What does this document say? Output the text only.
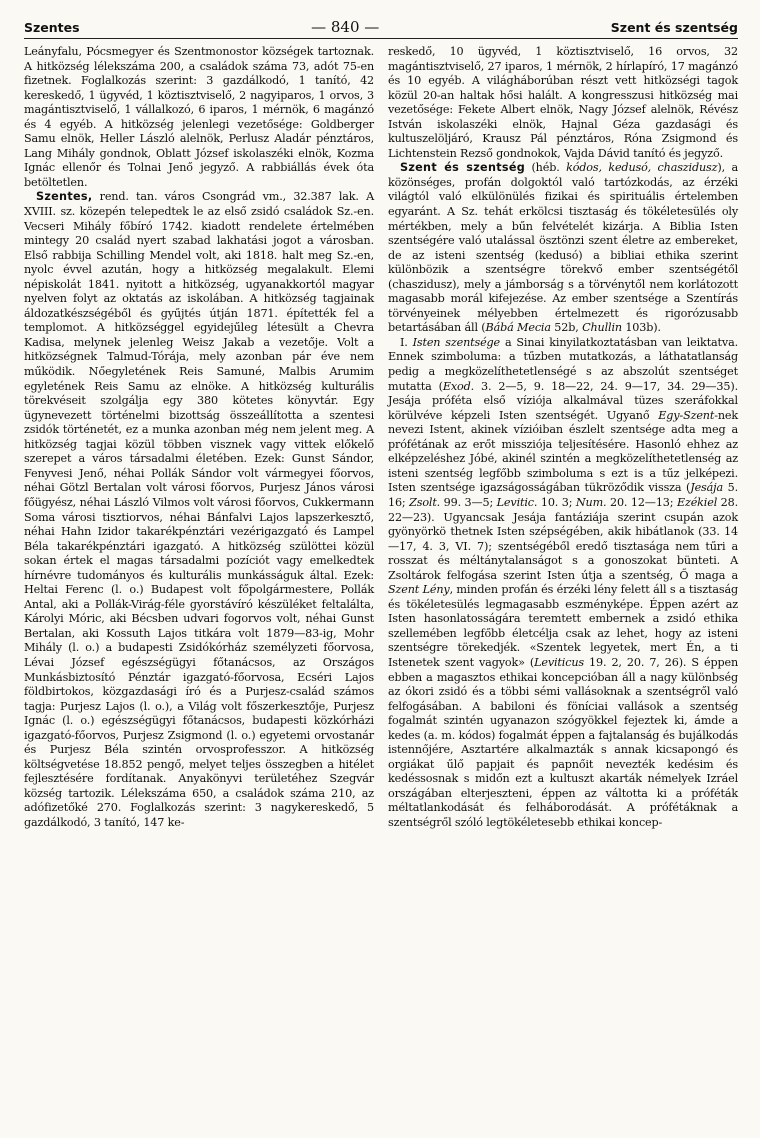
Szentes	— 840 —	Szent és szentség

Leányfalu, Pócsmegyer és Szentmonostor községek tartoznak. A hitközség lélekszáma 200, a családok száma 73, adót 75-en fizetnek. Foglalkozás szerint: 3 gazdálkodó, 1 tanító, 42 kereskedő, 1 ügyvéd, 1 köztisztviselő, 2 nagyiparos, 1 orvos, 3 magántisztviselő, 1 vállalkozó, 6 iparos, 1 mérnök, 6 magánzó és 4 egyéb. A hitközség jelenlegi vezetősége: Goldberger Samu elnök, Heller László alelnök, Perlusz Aladár pénztáros, Lang Mihály gondnok, Oblatt József iskolaszéki elnök, Kozma Ignác ellenőr és Tolnai Jenő jegyző. A rabbiállás évek óta betöltetlen.

Szentes, rend. tan. város Csongrád vm., 32.387 lak. A XVIII. sz. közepén telepedtek le az első zsidó családok Sz.-en. Vecseri Mihály főbíró 1742. kiadott rendelete értelmében mintegy 20 család nyert szabad lakhatási jogot a városban. Első rabbija Schilling Mendel volt, aki 1818. halt meg Sz.-en, nyolc évvel azután, hogy a hitközség megalakult. Elemi népiskolát 1841. nyitott a hitközség, ugyanakkortól magyar nyelven folyt az oktatás az iskolában. A hitközség tagjainak áldozatkészségéből és gyűjtés útján 1871. építették fel a templomot. A hitközséggel egyidejűleg létesült a Chevra Kadisa, melynek jelenleg Weisz Jakab a vezetője. Volt a hitközségnek Talmud-Tórája, mely azonban pár éve nem működik. Nőegyletének Reis Samuné, Malbis Arumim egyletének Reis Samu az elnöke. A hitközség kulturális törekvéseit szolgálja egy 380 kötetes könyvtár. Egy ügynevezett történelmi bizottság összeállította a szentesi zsidók történetét, ez a munka azonban még nem jelent meg. A hitközség tagjai közül többen visznek vagy vittek előkelő szerepet a város társadalmi életében. Ezek: Gunst Sándor, Fenyvesi Jenő, néhai Pollák Sándor volt vármegyei főorvos, néhai Götzl Bertalan volt városi főorvos, Purjesz János városi főügyész, néhai László Vilmos volt városi főorvos, Cukkermann Soma városi tisztiorvos, néhai Bánfalvi Lajos lapszerkesztő, néhai Hahn Izidor takarékpénztári vezérigazgató és Lampel Béla takarékpénztári igazgató. A hitközség szülöttei közül sokan értek el magas társadalmi pozíciót vagy emelkedtek hírnévre tudományos és kulturális munkásságuk által. Ezek: Heltai Ferenc (l. o.) Budapest volt főpolgármestere, Pollák Antal, aki a Pollák-Virág-féle gyorstávíró készüléket feltalálta, Károlyi Móric, aki Bécsben udvari fogorvos volt, néhai Gunst Bertalan, aki Kossuth Lajos titkára volt 1879—83-ig, Mohr Mihály (l. o.) a budapesti Zsidókórház személyzeti főorvosa, Lévai József egészségügyi főtanácsos, az Országos Munkásbiztosító Pénztár igazgató-főorvosa, Ecséri Lajos földbirtokos, közgazdasági író és a Purjesz-család számos tagja: Purjesz Lajos (l. o.), a Világ volt főszerkesztője, Purjesz Ignác (l. o.) egészségügyi főtanácsos, budapesti közkórházi igazgató-főorvos, Purjesz Zsigmond (l. o.) egyetemi orvostanár és Purjesz Béla szintén orvosprofesszor. A hitközség költségvetése 18.852 pengő, melyet teljes összegben a hitélet fejlesztésére fordítanak. Anyakönyvi területéhez Szegvár község tartozik. Lélekszáma 650, a családok száma 210, az adófizetőké 270. Foglalkozás szerint: 3 nagykereskedő, 5 gazdálkodó, 3 tanító, 147 ke-

reskedő, 10 ügyvéd, 1 köztisztviselő, 16 orvos, 32 magántisztviselő, 27 iparos, 1 mérnök, 2 hírlapíró, 17 magánzó és 10 egyéb. A világháborúban részt vett hitközségi tagok közül 20-an haltak hősi halált. A kongresszusi hitközség mai vezetősége: Fekete Albert elnök, Nagy József alelnök, Révész István iskolaszéki elnök, Hajnal Géza gazdasági és kultuszelöljáró, Krausz Pál pénztáros, Róna Zsigmond és Lichtenstein Rezső gondnokok, Vajda Dávid tanító és jegyző.

Szent és szentség (héb. kódos, kedusó, chaszidusz), a közönséges, profán dolgoktól való tartózkodás, az érzéki világtól való elkülönülés fizikai és spirituális értelemben egyaránt. A Sz. tehát erkölcsi tisztaság és tökéletesülés oly mértékben, mely a bűn felvételét kizárja. A Biblia Isten szentségére való utalással ösztönzi szent életre az embereket, de az isteni szentség (kedusó) a bibliai ethika szerint különbözik a szentségre törekvő ember szentségétől (chaszidusz), mely a jámborság s a törvénytől nem korlátozott magasabb morál kifejezése. Az ember szentsége a Szentírás törvényeinek mélyebben értelmezett és rigorózusabb betartásában áll (Bábá Mecia 52b, Chullin 103b).

I. Isten szentsége a Sinai kinyilatkoztatásban van leiktatva. Ennek szimboluma: a tűzben mutatkozás, a láthatatlanság pedig a megközelíthetetlenségé s az abszolút szentséget mutatta (Exod. 3. 2—5, 9. 18—22, 24. 9—17, 34. 29—35). Jesája próféta első víziója alkalmával tüzes szeráfokkal körülvéve képzeli Isten szentségét. Ugyanő Egy-Szent-nek nevezi Istent, akinek vízióiban észlelt szentsége adta meg a prófétának az erőt missziója teljesítésére. Hasonló ehhez az elképzeléshez Jóbé, akinél szintén a megközelíthetetlenség az isteni szentség legfőbb szimboluma s ezt is a tűz jelképezi. Isten szentsége igazságosságában tükröződik vissza (Jesája 5. 16; Zsolt. 99. 3—5; Levitic. 10. 3; Num. 20. 12—13; Ezékiel 28. 22—23). Ugyancsak Jesája fantáziája szerint csupán azok gyönyörkö thetnek Isten szépségében, akik hibátlanok (33. 14—17, 4. 3, VI. 7); szentségéből eredő tisztasága nem tűri a rosszat és méltánytalanságot s a gonoszokat bünteti. A Zsoltárok felfogása szerint Isten útja a szentség, Ő maga a Szent Lény, minden profán és érzéki lény felett áll s a tisztaság és tökéletesülés legmagasabb eszményképe. Éppen azért az Isten hasonlatosságára teremtett embernek a zsidó ethika szellemében legfőbb életcélja csak az lehet, hogy az isteni szentségre törekedjék. «Szentek legyetek, mert Én, a ti Istenetek szent vagyok» (Leviticus 19. 2, 20. 7, 26). S éppen ebben a magasztos ethikai koncepcióban áll a nagy különbség az ókori zsidó és a többi sémi vallásoknak a szentségről való felfogásában. A babiloni és föníciai vallások a szentség fogalmát szintén ugyanazon szógyökkel fejeztek ki, ámde a kedes (a. m. kódos) fogalmát éppen a fajtalanság és bujálkodás istennőjére, Asztartére alkalmazták s annak kicsapongó és orgiákat űlő papjait és papnőit nevezték kedésim és kedéssosnak s midőn ezt a kultuszt akarták némelyek Izráel országában elterjeszteni, éppen az váltotta ki a próféták méltatlankodását és felháborodását. A prófétáknak a szentségről szóló legtökéletesebb ethikai koncep-
